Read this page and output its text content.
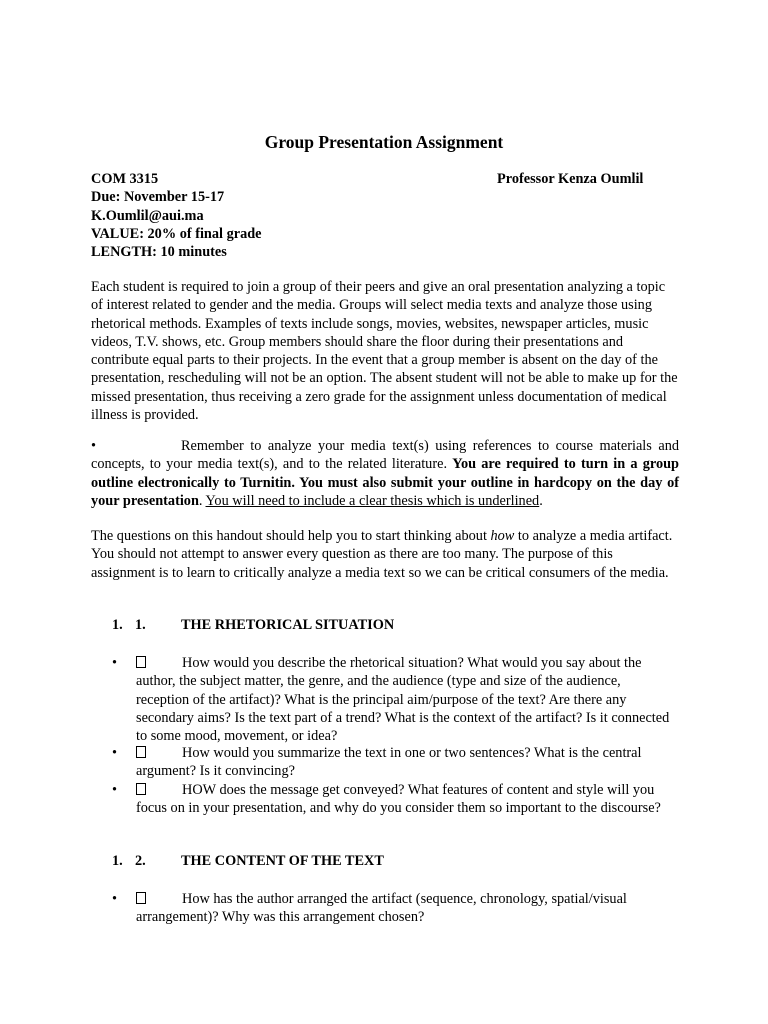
Group Presentation Assignment
COM 3315	Professor Kenza Oumlil
Due: November 15-17
K.Oumlil@aui.ma
VALUE: 20% of final grade
LENGTH: 10 minutes

Each student is required to join a group of their peers and give an oral presentation analyzing a topic of interest related to gender and the media. Groups will select media texts and analyze those using rhetorical methods. Examples of texts include songs, movies, websites, newspaper articles, music videos, T.V. shows, etc. Group members should share the floor during their presentations and contribute equal parts to their projects. In the event that a group member is absent on the day of the presentation, rescheduling will not be an option. The absent student will not be able to make up for the missed presentation, thus receiving a zero grade for the assignment unless documentation of medical illness is provided.

•	Remember to analyze your media text(s) using references to course materials and concepts, to your media text(s), and to the related literature. You are required to turn in a group outline electronically to Turnitin. You must also submit your outline in hardcopy on the day of your presentation. You will need to include a clear thesis which is underlined.

The questions on this handout should help you to start thinking about how to analyze a media artifact. You should not attempt to answer every question as there are too many. The purpose of this assignment is to learn to critically analyze a media text so we can be critical consumers of the media.

1. 1. THE RHETORICAL SITUATION
•	How would you describe the rhetorical situation? What would you say about the author, the subject matter, the genre, and the audience (type and size of the audience, reception of the artifact)? What is the principal aim/purpose of the text? Are there any secondary aims? Is the text part of a trend? What is the context of the artifact? Is it connected to some mood, movement, or idea?
•	How would you summarize the text in one or two sentences? What is the central argument? Is it convincing?
•	HOW does the message get conveyed? What features of content and style will you focus on in your presentation, and why do you consider them so important to the discourse?
1. 2. THE CONTENT OF THE TEXT
•	How has the author arranged the artifact (sequence, chronology, spatial/visual arrangement)? Why was this arrangement chosen?
